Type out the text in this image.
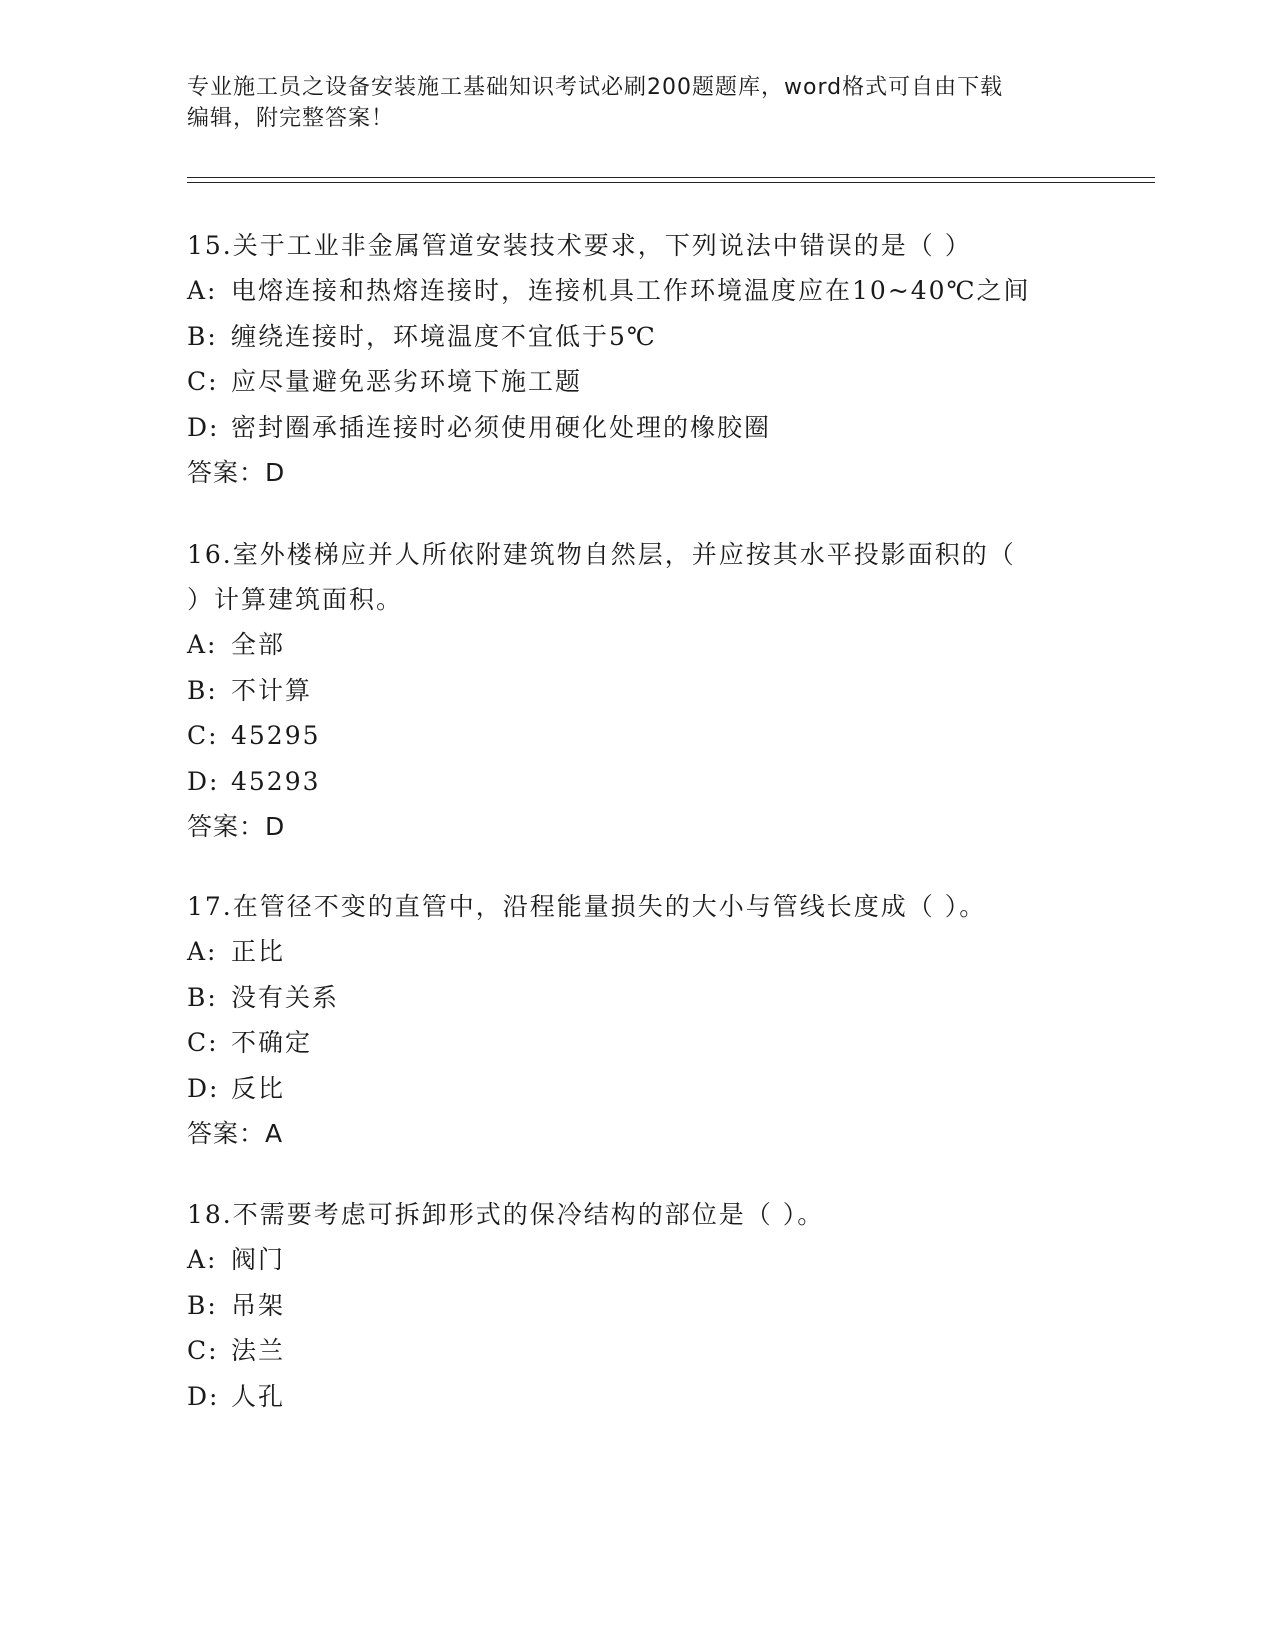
专业施工员之设备安装施工基础知识考试必刷200题题库，word格式可自由下载
编辑，附完整答案！
15.关于工业非金属管道安装技术要求，下列说法中错误的是（ ）
A: 电熔连接和热熔连接时，连接机具工作环境温度应在10~40℃之间
B: 缠绕连接时，环境温度不宜低于5℃
C: 应尽量避免恶劣环境下施工题
D: 密封圈承插连接时必须使用硬化处理的橡胶圈
答案：D
16.室外楼梯应并人所依附建筑物自然层，并应按其水平投影面积的（
）计算建筑面积。
A: 全部
B: 不计算
C: 45295
D: 45293
答案：D
17.在管径不变的直管中，沿程能量损失的大小与管线长度成（ ）。
A: 正比
B: 没有关系
C: 不确定
D: 反比
答案：A
18.不需要考虑可拆卸形式的保冷结构的部位是（ ）。
A: 阀门
B: 吊架
C: 法兰
D: 人孔
